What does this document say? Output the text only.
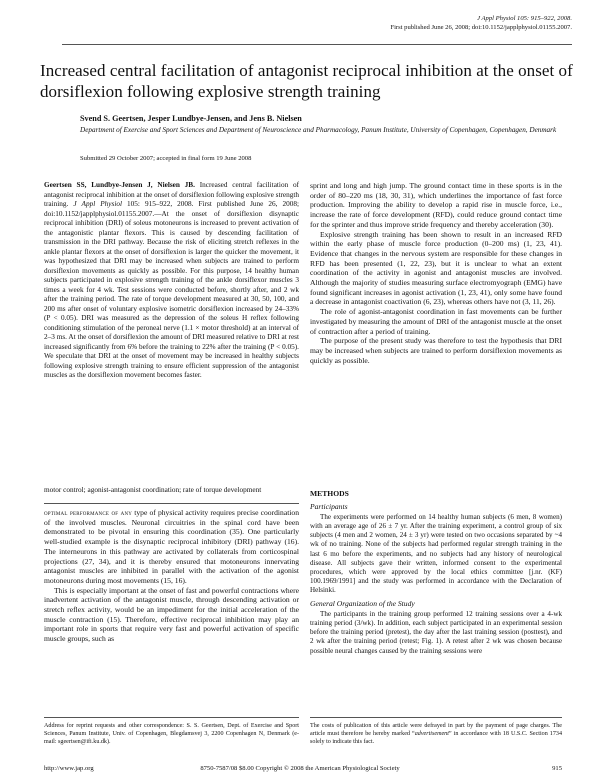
J Appl Physiol 105: 915–922, 2008.
First published June 26, 2008; doi:10.1152/japplphysiol.01155.2007.
Increased central facilitation of antagonist reciprocal inhibition at the onset of dorsiflexion following explosive strength training
Svend S. Geertsen, Jesper Lundbye-Jensen, and Jens B. Nielsen
Department of Exercise and Sport Sciences and Department of Neuroscience and Pharmacology, Panum Institute, University of Copenhagen, Copenhagen, Denmark
Submitted 29 October 2007; accepted in final form 19 June 2008
Geertsen SS, Lundbye-Jensen J, Nielsen JB. Increased central facilitation of antagonist reciprocal inhibition at the onset of dorsiflexion following explosive strength training. J Appl Physiol 105: 915–922, 2008. First published June 26, 2008; doi:10.1152/japplphysiol.01155.2007.—At the onset of dorsiflexion disynaptic reciprocal inhibition (DRI) of soleus motoneurons is increased to prevent activation of the antagonistic plantar flexors. This is caused by descending facilitation of transmission in the DRI pathway. Because the risk of eliciting stretch reflexes in the ankle plantar flexors at the onset of dorsiflexion is larger the quicker the movement, it was hypothesized that DRI may be increased when subjects are trained to perform dorsiflexion movements as quickly as possible. For this purpose, 14 healthy human subjects participated in explosive strength training of the ankle dorsiflexor muscles 3 times a week for 4 wk. Test sessions were conducted before, shortly after, and 2 wk after the training period. The rate of torque development measured at 30, 50, 100, and 200 ms after onset of voluntary explosive isometric dorsiflexion increased by 24–33% (P < 0.05). DRI was measured as the depression of the soleus H reflex following conditioning stimulation of the peroneal nerve (1.1 × motor threshold) at an interval of 2–3 ms. At the onset of dorsiflexion the amount of DRI measured relative to DRI at rest increased significantly from 6% before the training to 22% after the training (P < 0.05). We speculate that DRI at the onset of movement may be increased in healthy subjects following explosive strength training to ensure efficient suppression of the antagonist muscles as the dorsiflexion movement becomes faster.
motor control; agonist-antagonist coordination; rate of torque development

optimal performance of any type of physical activity requires precise coordination of the involved muscles. Neuronal circuitries in the spinal cord have been demonstrated to be pivotal in ensuring this coordination (35). One particularly well-studied example is the disynaptic reciprocal inhibitory (DRI) pathway (16). The interneurons in this pathway are activated by collaterals from corticospinal projections (27, 34), and it is thereby ensured that motoneurons innervating antagonist muscles are inhibited in parallel with the activation of the agonist motoneurons during most movements (15, 16).

This is especially important at the onset of fast and powerful contractions where inadvertent activation of the antagonist muscle, through descending activation or stretch reflex activity, would be an impediment for the initial acceleration of the muscle contraction (15). Therefore, effective reciprocal inhibition may play an important role in sports that require very fast and powerful activation of specific muscle groups, such as

sprint and long and high jump. The ground contact time in these sports is in the order of 80–220 ms (18, 30, 31), which underlines the importance of fast force production. Improving the ability to develop a rapid rise in muscle force, i.e., increase the rate of force development (RFD), could reduce ground contact time for the sprinter and thus improve stride frequency and thereby acceleration (30).

Explosive strength training has been shown to result in an increased RFD within the early phase of muscle force production (0–200 ms) (1, 23, 41). Evidence that changes in the nervous system are responsible for these changes in RFD has been presented (1, 22, 23), but it is unclear to what an extent coordination of the activity in agonist and antagonist muscles are involved. Although the majority of studies measuring surface electromyograph (EMG) have found significant increases in agonist activation (1, 23, 41), only some have found a decrease in antagonist coactivation (6, 23), whereas others have not (3, 11, 26).

The role of agonist-antagonist coordination in fast movements can be further investigated by measuring the amount of DRI of the antagonist muscle at the onset of contraction after a period of training.

The purpose of the present study was therefore to test the hypothesis that DRI may be increased when subjects are trained to perform dorsiflexion movements as quickly as possible.

METHODS
Participants

The experiments were performed on 14 healthy human subjects (6 men, 8 women) with an average age of 26 ± 7 yr. After the training experiment, a control group of six subjects (4 men and 2 women, 24 ± 3 yr) were tested on two occasions separated by ~4 wk of no training. None of the subjects had performed regular strength training in the last 6 mo before the experiments, and no subjects had any history of neurological disease. All subjects gave their written, informed consent to the experimental procedures, which were approved by the local ethics committee [j.nr. (KF) 100.1969/1991] and the study was performed in accordance with the Declaration of Helsinki.

General Organization of the Study

The participants in the training group performed 12 training sessions over a 4-wk training period (3/wk). In addition, each subject participated in an experimental session before the training period (pretest), the day after the last training session (posttest), and 2 wk after the training period (retest; Fig. 1). A retest after 2 wk was chosen because possible neural changes caused by the training sessions were

Address for reprint requests and other correspondence: S. S. Geertsen, Dept. of Exercise and Sport Sciences, Panum Institute, Univ. of Copenhagen, Blegdamsvej 3, 2200 Copenhagen N, Denmark (e-mail: sgeertsen@ifi.ku.dk).
The costs of publication of this article were defrayed in part by the payment of page charges. The article must therefore be hereby marked “advertisement” in accordance with 18 U.S.C. Section 1734 solely to indicate this fact.
http://www.jap.org	8750-7587/08 $8.00 Copyright © 2008 the American Physiological Society	915
